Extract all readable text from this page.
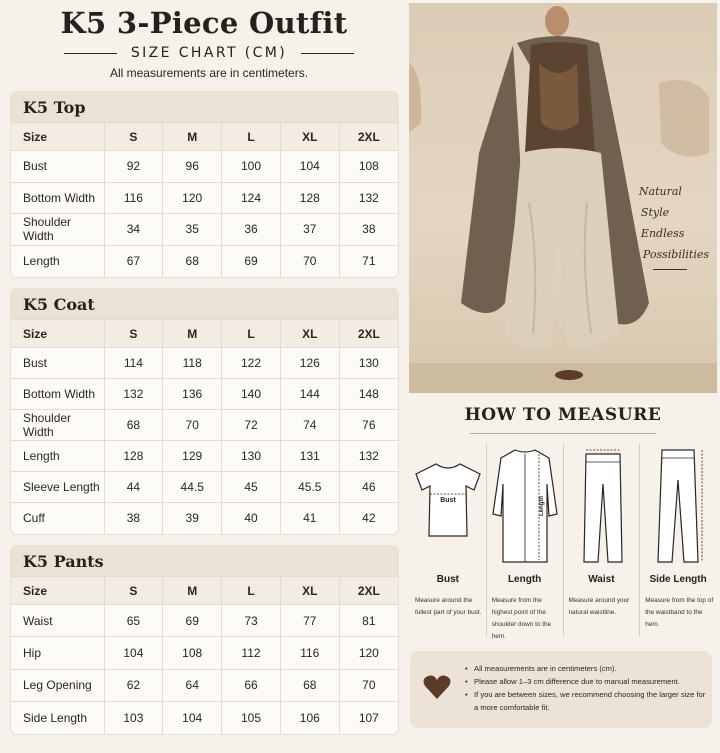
K5 3-Piece Outfit
SIZE CHART (CM)
All measurements are in centimeters.
K5 Top
Size	S	M	L	XL	2XL
Bust	92	96	100	104	108
Bottom Width	116	120	124	128	132
Shoulder Width	34	35	36	37	38
Length	67	68	69	70	71
K5 Coat
Size	S	M	L	XL	2XL
Bust	114	118	122	126	130
Bottom Width	132	136	140	144	148
Shoulder Width	68	70	72	74	76
Length	128	129	130	131	132
Sleeve Length	44	44.5	45	45.5	46
Cuff	38	39	40	41	42
K5 Pants
Size	S	M	L	XL	2XL
Waist	65	69	73	77	81
Hip	104	108	112	116	120
Leg Opening	62	64	66	68	70
Side Length	103	104	105	106	107
Natural
Style
Endless
Possibilities
HOW TO MEASURE
Bust
Bust
Measure around the fullest part of your bust.
Length
Length
Measure from the highest point of the shoulder down to the hem.
Waist
Measure around your natural waistline.
Side Length
Measure from the top of the waistband to the hem.
• All measurements are in centimeters (cm).
• Please allow 1–3 cm difference due to manual measurement.
• If you are between sizes, we recommend choosing the larger size for a more comfortable fit.
